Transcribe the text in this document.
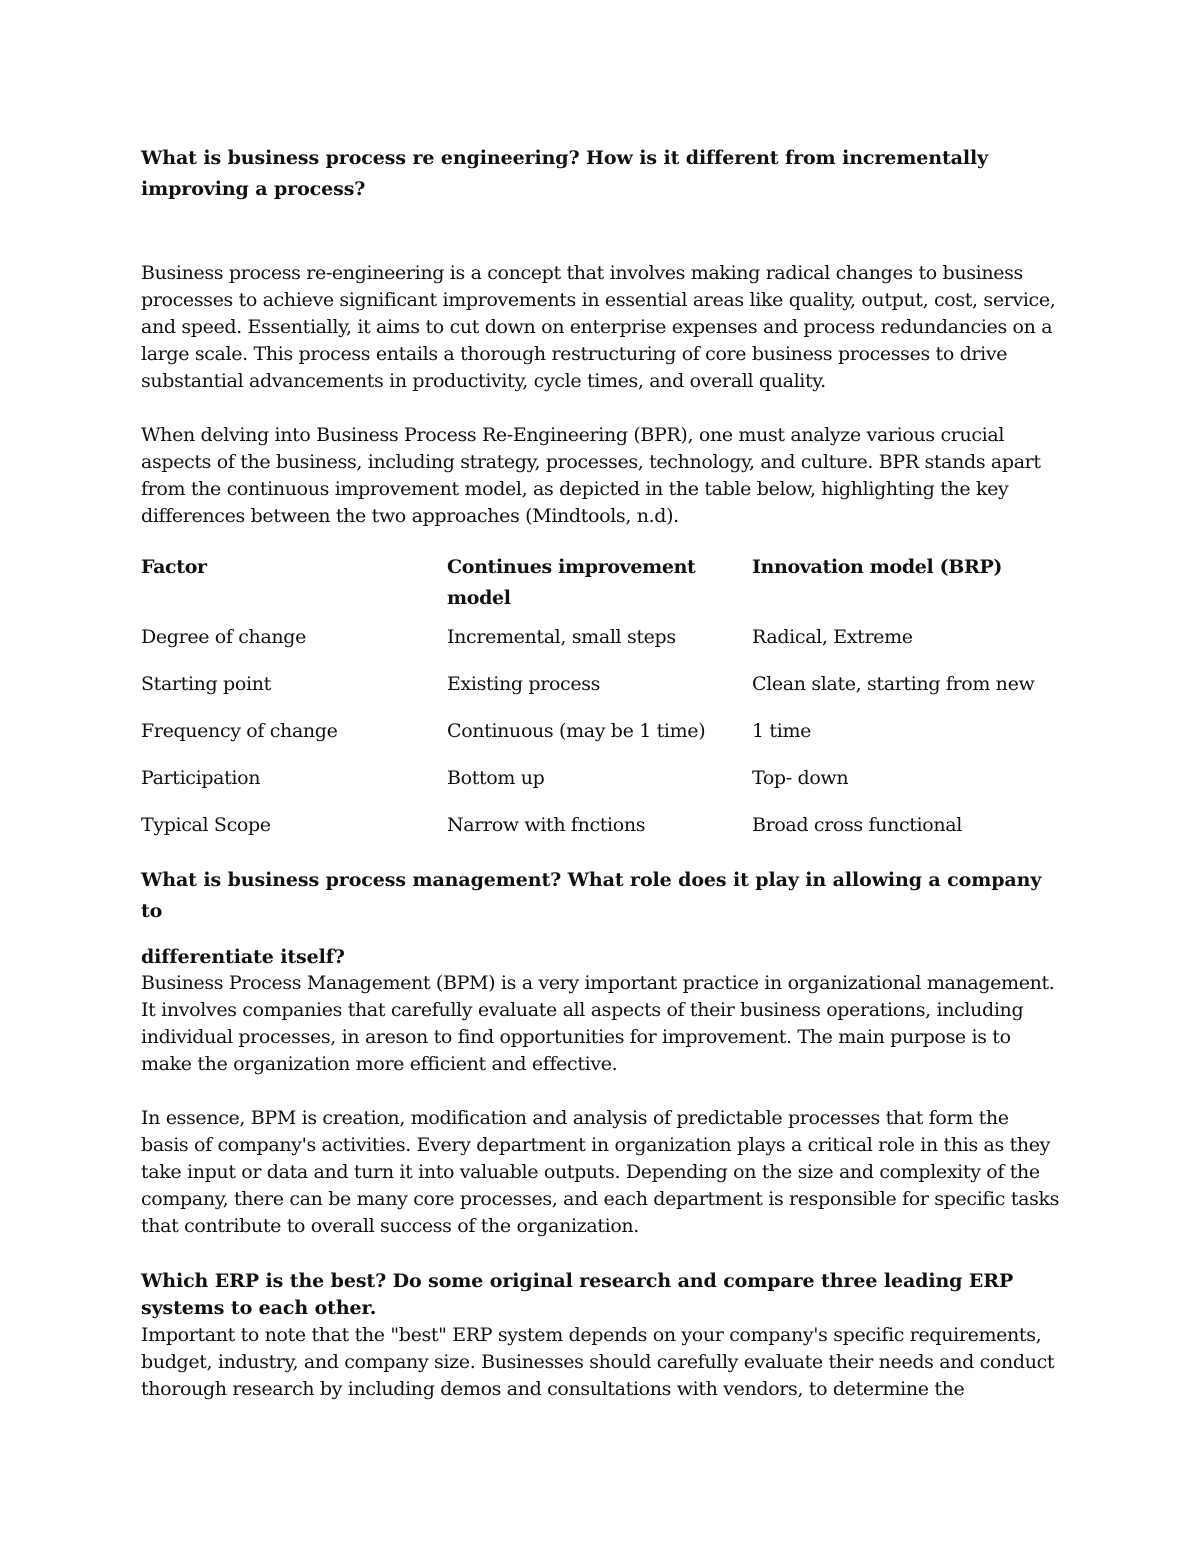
What is business process re engineering? How is it different from incrementally improving a process?

Business process re-engineering is a concept that involves making radical changes to business processes to achieve significant improvements in essential areas like quality, output, cost, service, and speed. Essentially, it aims to cut down on enterprise expenses and process redundancies on a large scale. This process entails a thorough restructuring of core business processes to drive substantial advancements in productivity, cycle times, and overall quality.

When delving into Business Process Re-Engineering (BPR), one must analyze various crucial aspects of the business, including strategy, processes, technology, and culture. BPR stands apart from the continuous improvement model, as depicted in the table below, highlighting the key differences between the two approaches (Mindtools, n.d).

Factor	Continues improvement model	Innovation model (BRP)
Degree of change	Incremental, small steps	Radical, Extreme
Starting point	Existing process	Clean slate, starting from new
Frequency of change	Continuous (may be 1 time)	1 time
Participation	Bottom up	Top- down
Typical Scope	Narrow with fnctions	Broad cross functional

What is business process management? What role does it play in allowing a company to

differentiate itself?

Business Process Management (BPM) is a very important practice in organizational management. It involves companies that carefully evaluate all aspects of their business operations, including individual processes, in areson to find opportunities for improvement. The main purpose is to make the organization more efficient and effective.

In essence, BPM is creation, modification and analysis of predictable processes that form the basis of company's activities. Every department in organization plays a critical role in this as they take input or data and turn it into valuable outputs. Depending on the size and complexity of the company, there can be many core processes, and each department is responsible for specific tasks that contribute to overall success of the organization.

Which ERP is the best? Do some original research and compare three leading ERP systems to each other.

Important to note that the "best" ERP system depends on your company's specific requirements, budget, industry, and company size. Businesses should carefully evaluate their needs and conduct thorough research by including demos and consultations with vendors, to determine the
